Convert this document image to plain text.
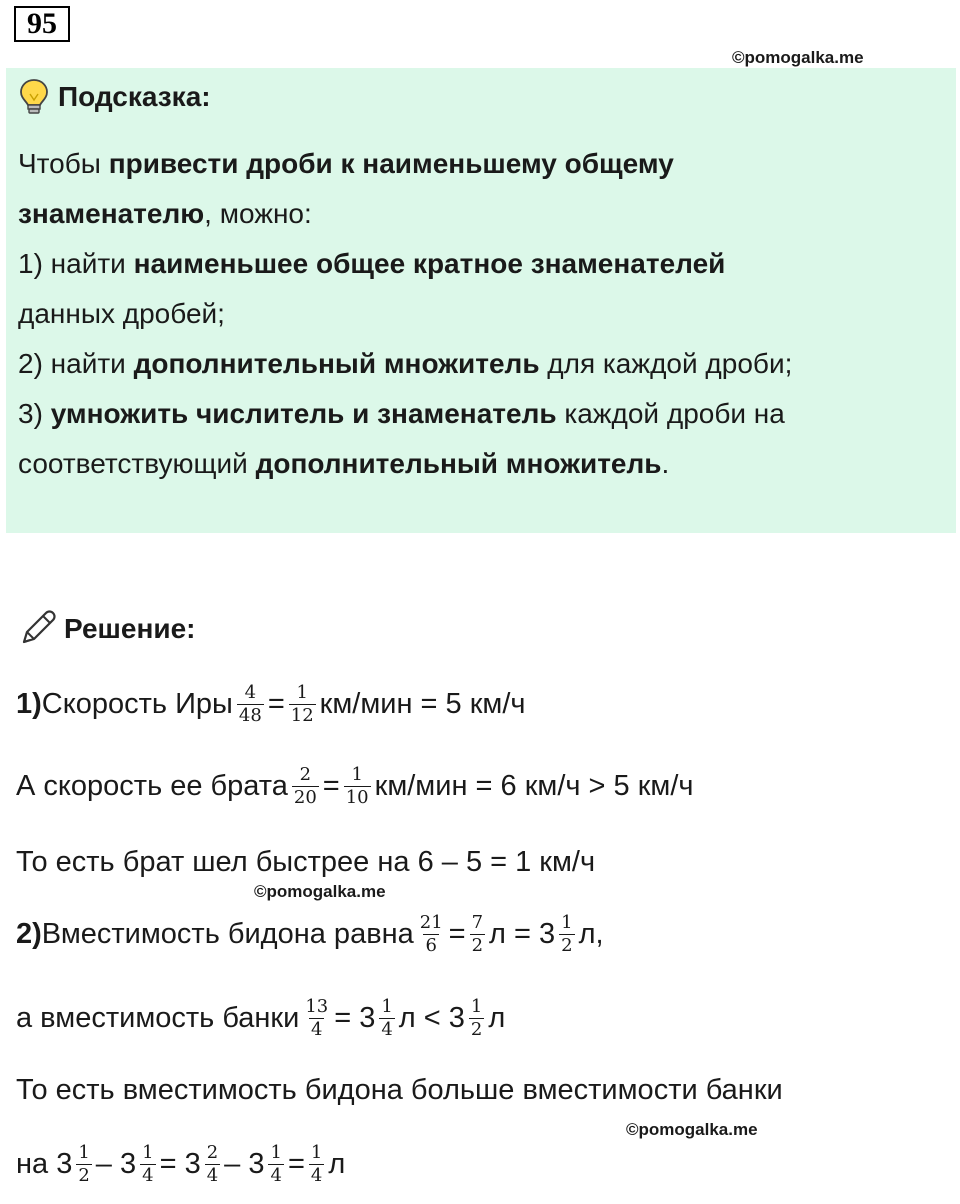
95
©pomogalka.me
Подсказка:
Чтобы привести дроби к наименьшему общему
знаменателю, можно:
1) найти наименьшее общее кратное знаменателей
данных дробей;
2) найти дополнительный множитель для каждой дроби;
3) умножить числитель и знаменатель каждой дроби на
соответствующий дополнительный множитель.
Решение:
1) Скорость Иры $\frac{4}{48} = \frac{1}{12} км/мин = 5$ км/ч
А скорость ее брата $\frac{2}{20} = \frac{1}{10} км/мин = 6$ км/ч > 5 км/ч
То есть брат шел быстрее на 6 – 5 = 1 км/ч
©pomogalka.me
2) Вместимость бидона равна $\frac{21}{6} = \frac{7}{2}$ $л = 3 \frac{1}{2} л$,
а вместимость банки $\frac{13}{4} = 3 \frac{1}{4}$ $л < 3 \frac{1}{2}$ л
То есть вместимость бидона больше вместимости банки
©pomogalka.me
на $3 \frac{1}{2} - 3 \frac{1}{4} = 3 \frac{2}{4} - 3 \frac{1}{4} = \frac{1}{4}$ л
